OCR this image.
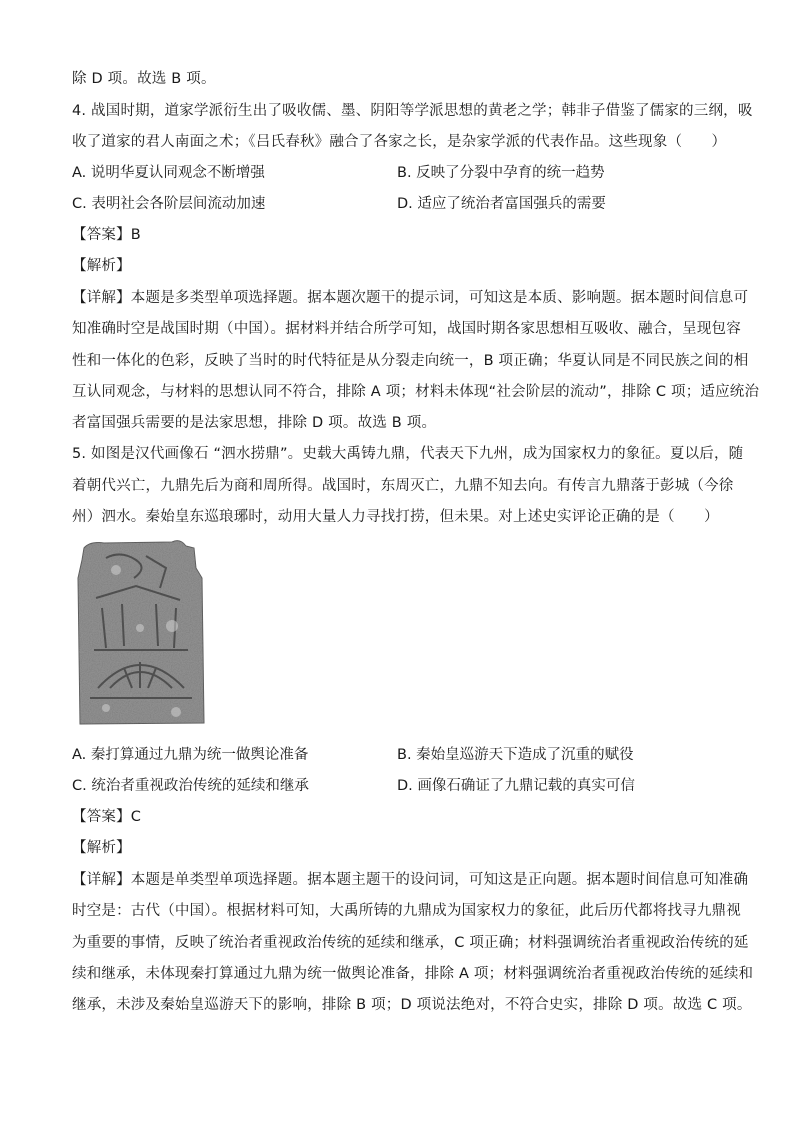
除 D 项。故选 B 项。
4. 战国时期，道家学派衍生出了吸收儒、墨、阴阳等学派思想的黄老之学；韩非子借鉴了儒家的三纲，吸
收了道家的君人南面之术；《吕氏春秋》融合了各家之长，是杂家学派的代表作品。这些现象（　　）
A. 说明华夏认同观念不断增强	B. 反映了分裂中孕育的统一趋势
C. 表明社会各阶层间流动加速	D. 适应了统治者富国强兵的需要
【答案】B
【解析】
【详解】本题是多类型单项选择题。据本题次题干的提示词，可知这是本质、影响题。据本题时间信息可
知准确时空是战国时期（中国）。据材料并结合所学可知，战国时期各家思想相互吸收、融合，呈现包容
性和一体化的色彩，反映了当时的时代特征是从分裂走向统一，B 项正确；华夏认同是不同民族之间的相
互认同观念，与材料的思想认同不符合，排除 A 项；材料未体现“社会阶层的流动”，排除 C 项；适应统治
者富国强兵需要的是法家思想，排除 D 项。故选 B 项。
5. 如图是汉代画像石 “泗水捞鼎”。史载大禹铸九鼎，代表天下九州，成为国家权力的象征。夏以后，随
着朝代兴亡，九鼎先后为商和周所得。战国时，东周灭亡，九鼎不知去向。有传言九鼎落于彭城（今徐
州）泗水。秦始皇东巡琅琊时，动用大量人力寻找打捞，但未果。对上述史实评论正确的是（　　）
A. 秦打算通过九鼎为统一做舆论准备	B. 秦始皇巡游天下造成了沉重的赋役
C. 统治者重视政治传统的延续和继承	D. 画像石确证了九鼎记载的真实可信
【答案】C
【解析】
【详解】本题是单类型单项选择题。据本题主题干的设问词，可知这是正向题。据本题时间信息可知准确
时空是：古代（中国）。根据材料可知，大禹所铸的九鼎成为国家权力的象征，此后历代都将找寻九鼎视
为重要的事情，反映了统治者重视政治传统的延续和继承，C 项正确；材料强调统治者重视政治传统的延
续和继承，未体现秦打算通过九鼎为统一做舆论准备，排除 A 项；材料强调统治者重视政治传统的延续和
继承，未涉及秦始皇巡游天下的影响，排除 B 项；D 项说法绝对，不符合史实，排除 D 项。故选 C 项。
